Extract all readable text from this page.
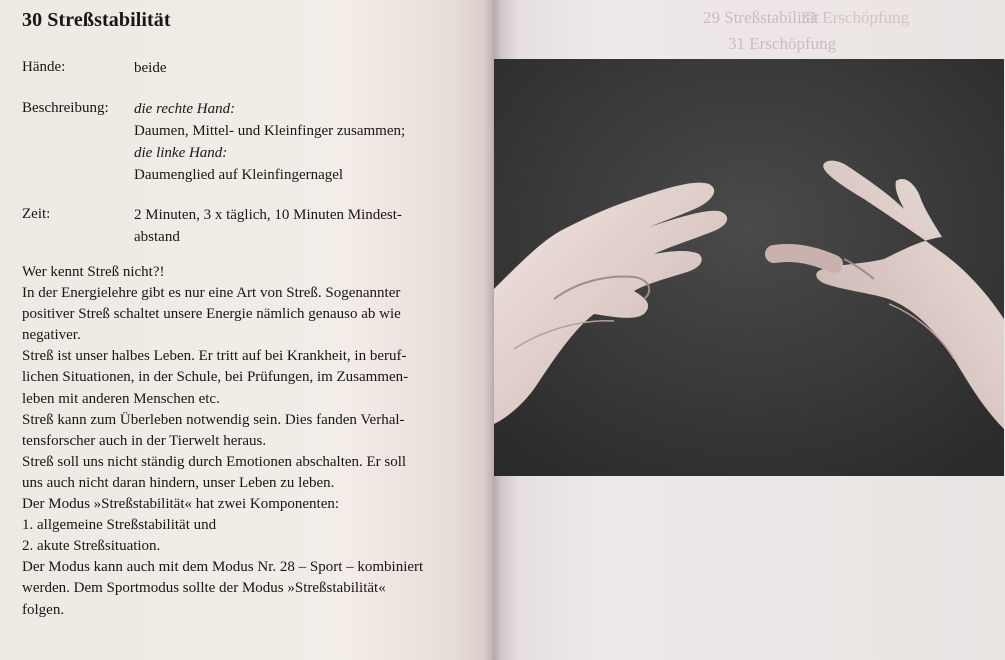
30 Streßstabilität
Hände:	beide
Beschreibung: die rechte Hand:
Daumen, Mittel- und Kleinfinger zusammen;
die linke Hand:
Daumenglied auf Kleinfingernagel
Zeit:	2 Minuten, 3 x täglich, 10 Minuten Mindest-
abstand
Wer kennt Streß nicht?!
In der Energielehre gibt es nur eine Art von Streß. Sogenannter
positiver Streß schaltet unsere Energie nämlich genauso ab wie
negativer.
Streß ist unser halbes Leben. Er tritt auf bei Krankheit, in beruf-
lichen Situationen, in der Schule, bei Prüfungen, im Zusammen-
leben mit anderen Menschen etc.
Streß kann zum Überleben notwendig sein. Dies fanden Verhal-
tensforscher auch in der Tierwelt heraus.
Streß soll uns nicht ständig durch Emotionen abschalten. Er soll
uns auch nicht daran hindern, unser Leben zu leben.
Der Modus »Streßstabilität« hat zwei Komponenten:
1. allgemeine Streßstabilität und
2. akute Streßsituation.
Der Modus kann auch mit dem Modus Nr. 28 – Sport – kombiniert
werden. Dem Sportmodus sollte der Modus »Streßstabilität«
folgen.
29 Streßstabilität
31 Erschöpfung
31 Erschöpfung
